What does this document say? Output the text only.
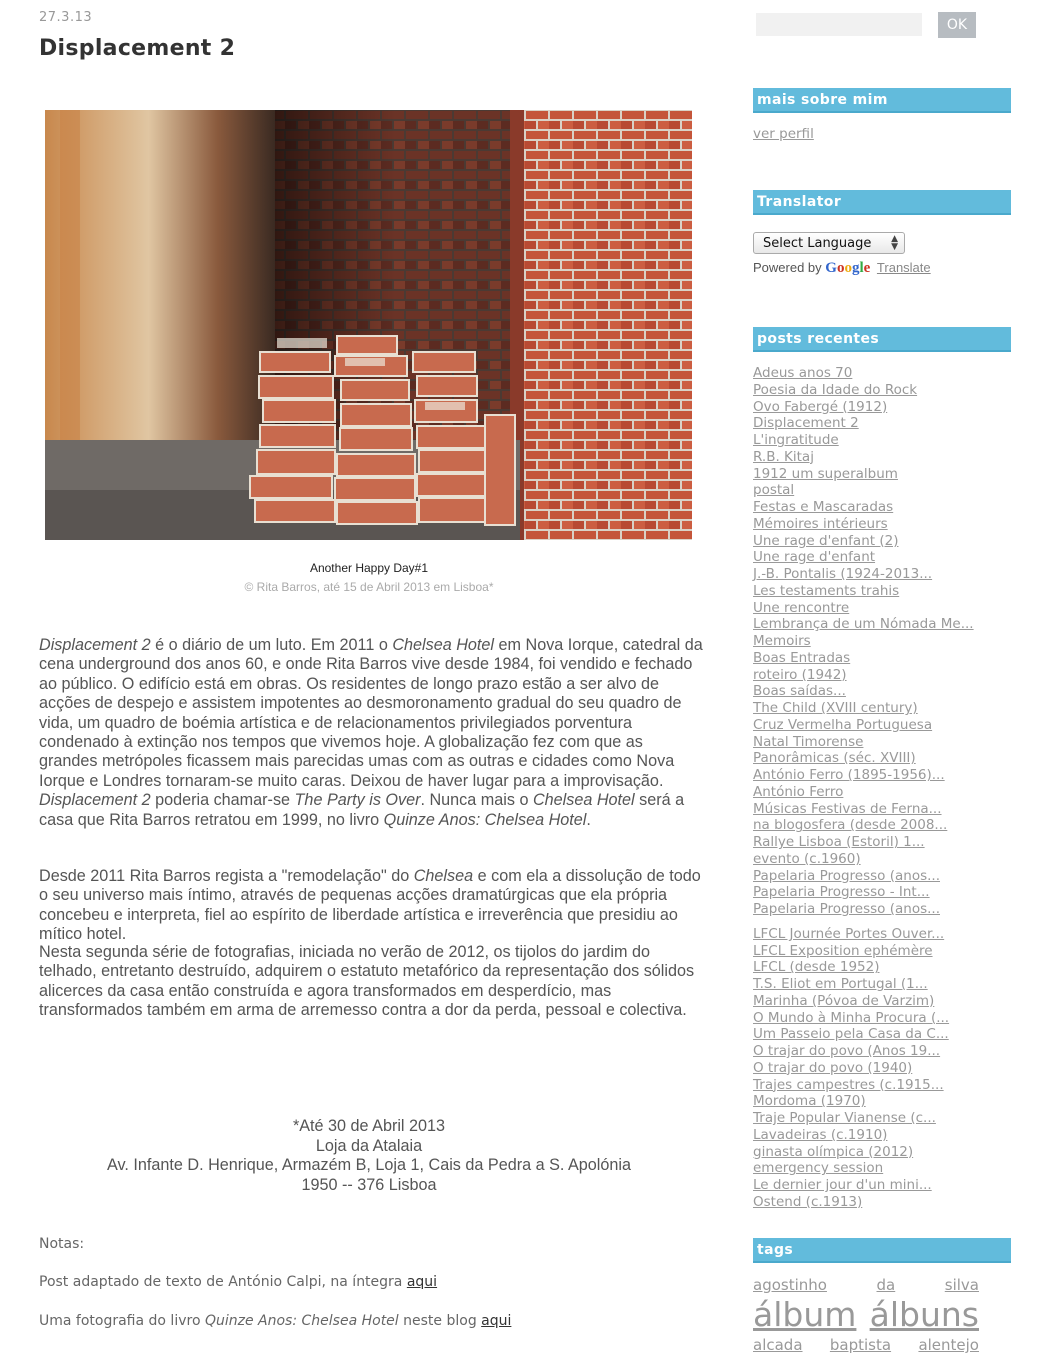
27.3.13
Displacement 2
Another Happy Day#1
© Rita Barros, até 15 de Abril 2013 em Lisboa*
Displacement 2 é o diário de um luto. Em 2011 o Chelsea Hotel em Nova Iorque, catedral da cena underground dos anos 60, e onde Rita Barros vive desde 1984, foi vendido e fechado ao público. O edifício está em obras. Os residentes de longo prazo estão a ser alvo de acções de despejo e assistem impotentes ao desmoronamento gradual do seu quadro de vida, um quadro de boémia artística e de relacionamentos privilegiados porventura condenado à extinção nos tempos que vivemos hoje. A globalização fez com que as grandes metrópoles ficassem mais parecidas umas com as outras e cidades como Nova Iorque e Londres tornaram-se muito caras. Deixou de haver lugar para a improvisação. Displacement 2 poderia chamar-se The Party is Over. Nunca mais o Chelsea Hotel será a casa que Rita Barros retratou em 1999, no livro Quinze Anos: Chelsea Hotel.
Desde 2011 Rita Barros regista a "remodelação" do Chelsea e com ela a dissolução de todo o seu universo mais íntimo, através de pequenas acções dramatúrgicas que ela própria concebeu e interpreta, fiel ao espírito de liberdade artística e irreverência que presidiu ao mítico hotel.
Nesta segunda série de fotografias, iniciada no verão de 2012, os tijolos do jardim do telhado, entretanto destruído, adquirem o estatuto metafórico da representação dos sólidos alicerces da casa então construída e agora transformados em desperdício, mas transformados também em arma de arremesso contra a dor da perda, pessoal e colectiva.
*Até 30 de Abril 2013
Loja da Atalaia
Av. Infante D. Henrique, Armazém B, Loja 1, Cais da Pedra a S. Apolónia
1950 -- 376 Lisboa
Notas:
Post adaptado de texto de António Calpi, na íntegra aqui
Uma fotografia do livro Quinze Anos: Chelsea Hotel neste blog aqui
OK
mais sobre mim
ver perfil
Translator
Select Language ▲
▼
Powered by Google Translate
posts recentes
Adeus anos 70
Poesia da Idade do Rock
Ovo Fabergé (1912)
Displacement 2
L'ingratitude
R.B. Kitaj
1912 um superalbum
postal
Festas e Mascaradas
Mémoires intérieurs
Une rage d'enfant (2)
Une rage d'enfant
J.-B. Pontalis (1924-2013...
Les testaments trahis
Une rencontre
Lembrança de um Nómada Me...
Memoirs
Boas Entradas
roteiro (1942)
Boas saídas...
The Child (XVIII century)
Cruz Vermelha Portuguesa
Natal Timorense
Panorâmicas (séc. XVIII)
António Ferro (1895-1956)...
António Ferro
Músicas Festivas de Ferna...
na blogosfera (desde 2008...
Rallye Lisboa (Estoril) 1...
evento (c.1960)
Papelaria Progresso (anos...
Papelaria Progresso - Int...
Papelaria Progresso (anos...
LFCL Journée Portes Ouver...
LFCL Exposition ephémère
LFCL (desde 1952)
T.S. Eliot em Portugal (1...
Marinha (Póvoa de Varzim)
O Mundo à Minha Procura (...
Um Passeio pela Casa da C...
O trajar do povo (Anos 19...
O trajar do povo (1940)
Trajes campestres (c.1915...
Mordoma (1970)
Traje Popular Vianense (c...
Lavadeiras (c.1910)
ginasta olímpica (2012)
emergency session
Le dernier jour d'un mini...
Ostend (c.1913)
tags
agostinho	da	silva
álbum álbuns
alcada baptista alentejo
